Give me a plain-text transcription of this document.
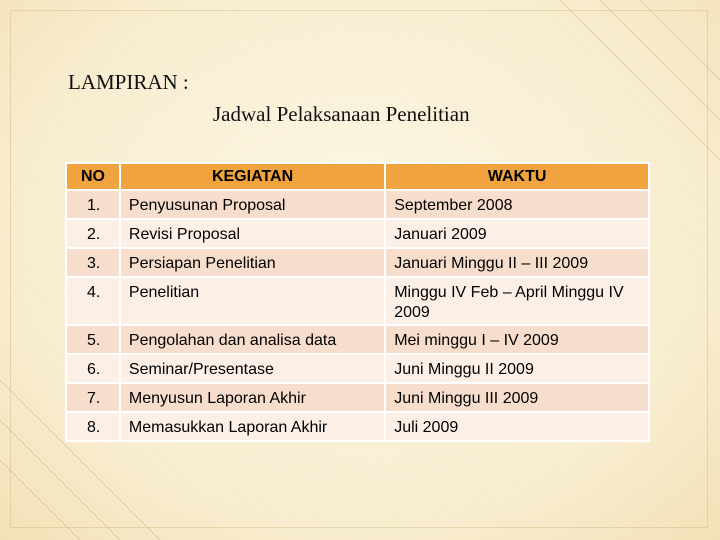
LAMPIRAN :
Jadwal Pelaksanaan Penelitian
NO	KEGIATAN	WAKTU
1.	Penyusunan Proposal	September 2008
2.	Revisi Proposal	Januari 2009
3.	Persiapan Penelitian	Januari Minggu II – III 2009
4.	Penelitian	Minggu IV Feb – April Minggu IV 2009
5.	Pengolahan dan analisa data	Mei minggu I – IV 2009
6.	Seminar/Presentase	Juni Minggu II 2009
7.	Menyusun Laporan Akhir	Juni Minggu III 2009
8.	Memasukkan Laporan Akhir	Juli 2009
